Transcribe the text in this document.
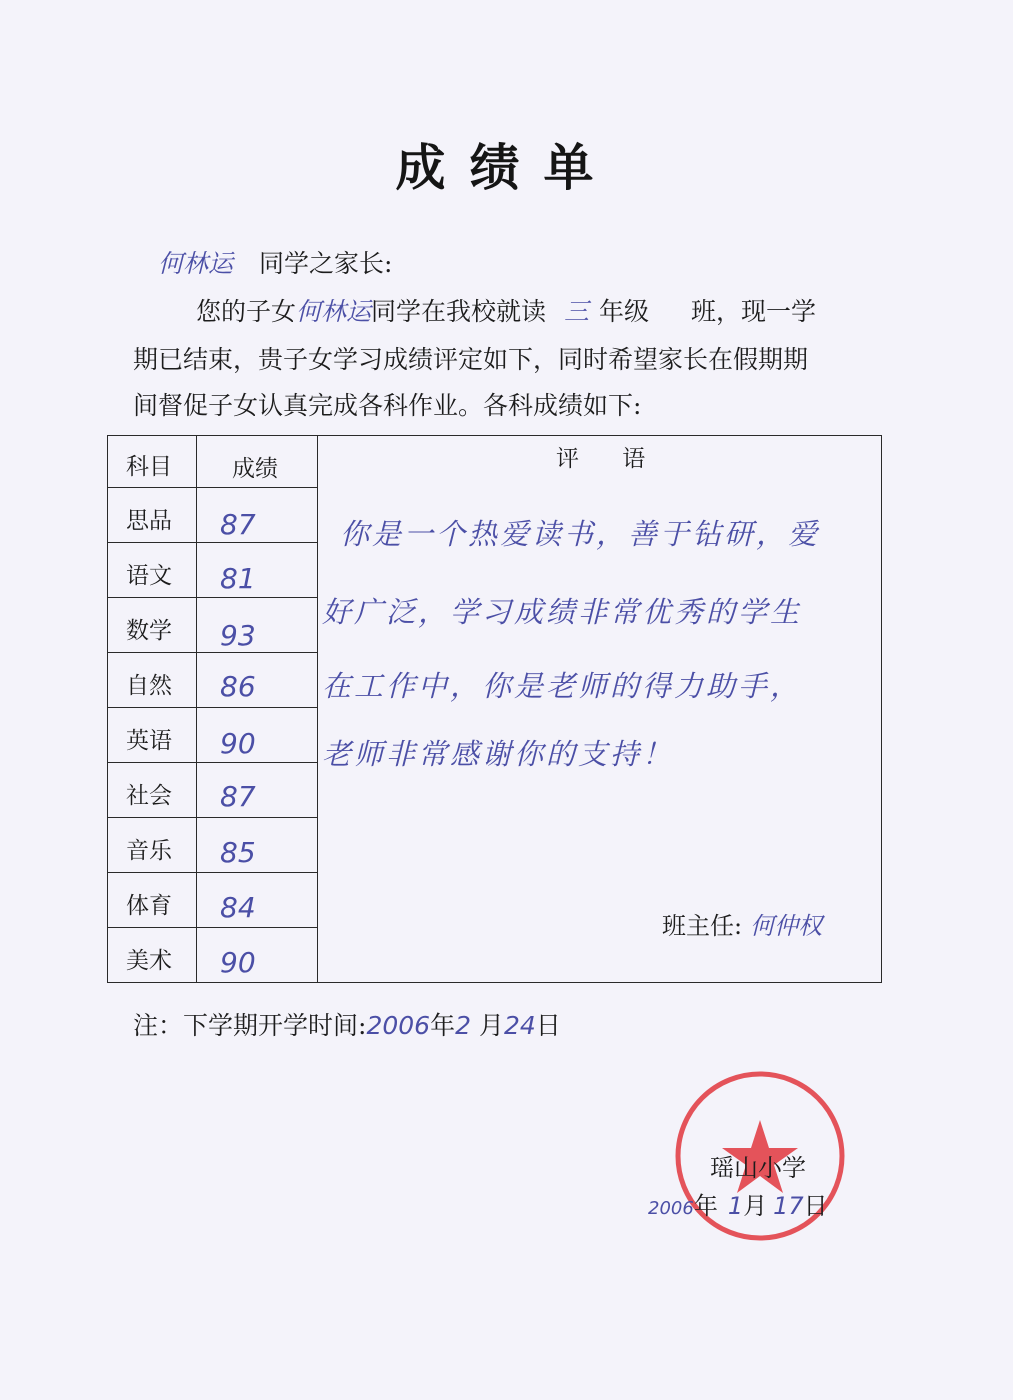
成绩单
何林运 同学之家长:
您的子女何林运同学在我校就读 三 年级 班，现一学
期已结束，贵子女学习成绩评定如下，同时希望家长在假期期
间督促子女认真完成各科作业。各科成绩如下:
科目	成绩	评 语
思品 87
语文 81
数学 93
自然 86
英语 90
社会 87
音乐 85
体育 84
美术 90
班主任: 何仲权
你是一个热爱读书，善于钻研，爱
好广泛，学习成绩非常优秀的学生
在工作中，你是老师的得力助手，
老师非常感谢你的支持！
注：下学期开学时间:2006年2 月24日
瑶山小学
2006年 1月 17日
